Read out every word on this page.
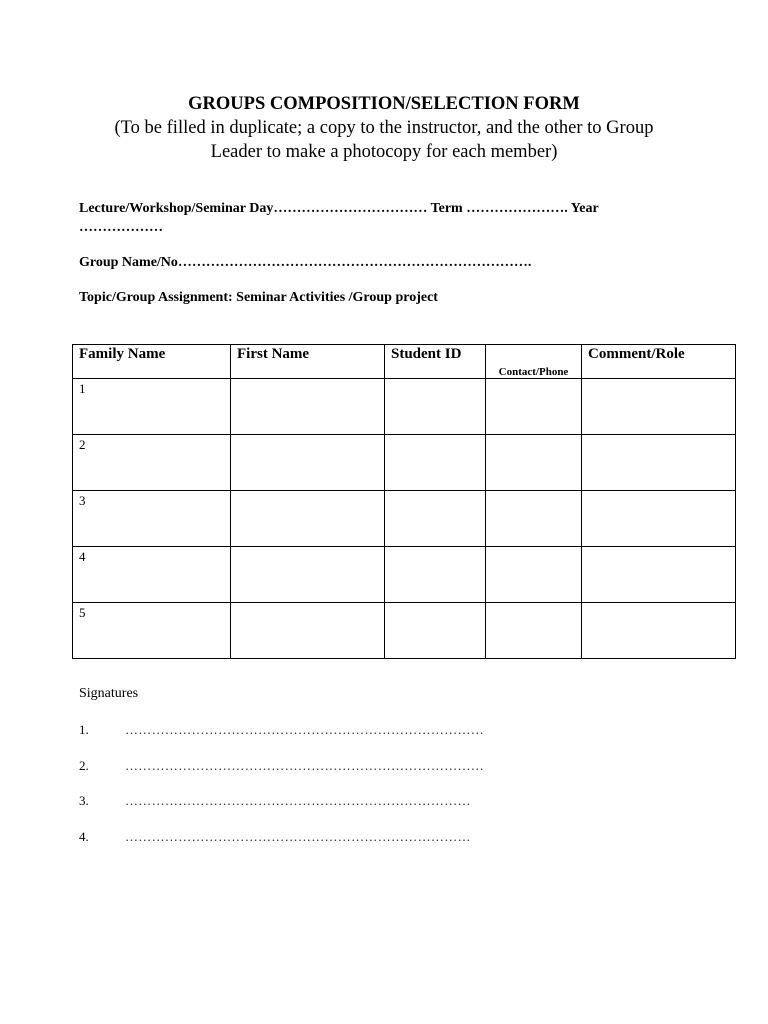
GROUPS COMPOSITION/SELECTION FORM
(To be filled in duplicate; a copy to the instructor, and the other to Group
Leader to make a photocopy for each member)
Lecture/Workshop/Seminar Day…………………………… Term …………………. Year
………………
Group Name/No………………………………………………………………….
Topic/Group Assignment: Seminar Activities /Group project
Family Name	First Name	Student ID	Contact/Phone	Comment/Role
1				
2				
3				
4				
5				
Signatures
1.	………………………………………………………………………
2.	………………………………………………………………………
3.	……………………………………………………………………
4.	……………………………………………………………………
